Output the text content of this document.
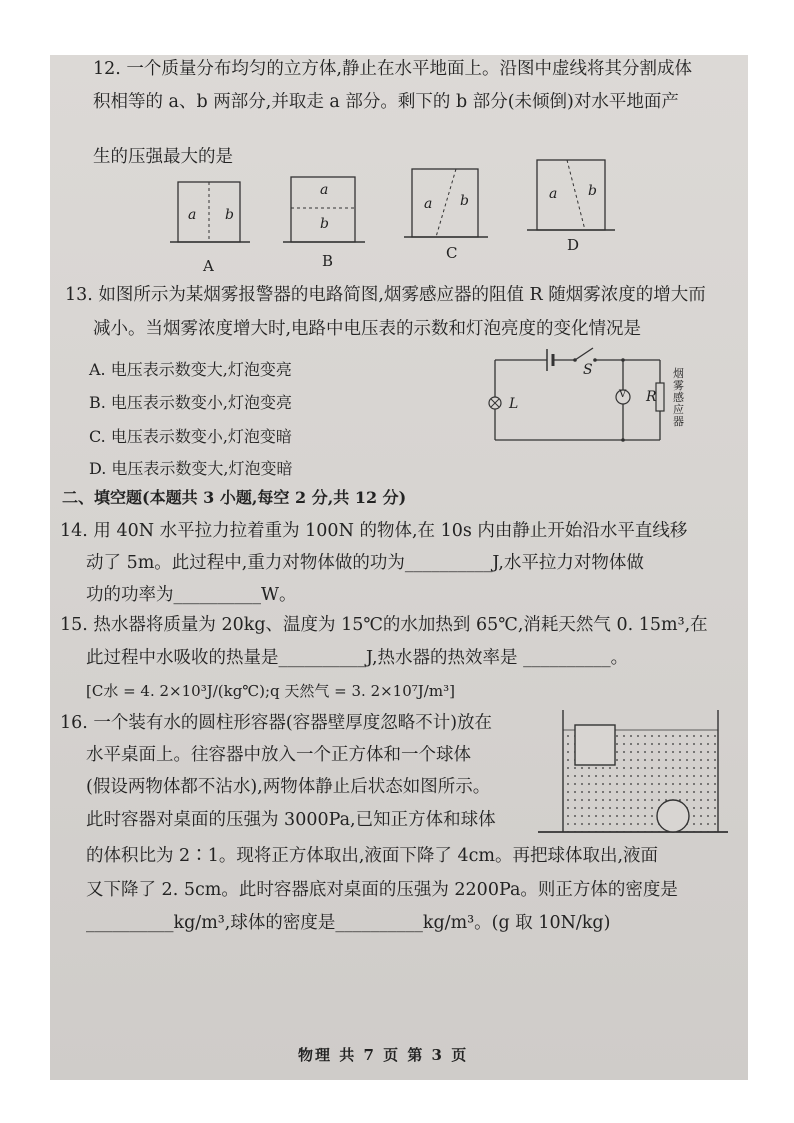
12. 一个质量分布均匀的立方体,静止在水平地面上。沿图中虚线将其分割成体
积相等的 a、b 两部分,并取走 a 部分。剩下的 b 部分(未倾倒)对水平地面产
生的压强最大的是
a b
A
a
b
B
a b
C
a b
D
13. 如图所示为某烟雾报警器的电路简图,烟雾感应器的阻值 R 随烟雾浓度的增大而
减小。当烟雾浓度增大时,电路中电压表的示数和灯泡亮度的变化情况是
A. 电压表示数变大,灯泡变亮
B. 电压表示数变小,灯泡变亮
C. 电压表示数变小,灯泡变暗
D. 电压表示数变大,灯泡变暗
S
L
V R
烟
雾
感
应
器
二、填空题(本题共 3 小题,每空 2 分,共 12 分)
14. 用 40N 水平拉力拉着重为 100N 的物体,在 10s 内由静止开始沿水平直线移
动了 5m。此过程中,重力对物体做的功为__________J,水平拉力对物体做
功的功率为__________W。
15. 热水器将质量为 20kg、温度为 15℃的水加热到 65℃,消耗天然气 0. 15m³,在
此过程中水吸收的热量是__________J,热水器的热效率是 __________。
[C水 = 4. 2×10³J/(kg℃);q 天然气 = 3. 2×10⁷J/m³]
16. 一个装有水的圆柱形容器(容器壁厚度忽略不计)放在
水平桌面上。往容器中放入一个正方体和一个球体
(假设两物体都不沾水),两物体静止后状态如图所示。
此时容器对桌面的压强为 3000Pa,已知正方体和球体
的体积比为 2∶1。现将正方体取出,液面下降了 4cm。再把球体取出,液面
又下降了 2. 5cm。此时容器底对桌面的压强为 2200Pa。则正方体的密度是
__________kg/m³,球体的密度是__________kg/m³。(g 取 10N/kg)
物理 共 7 页 第 3 页
